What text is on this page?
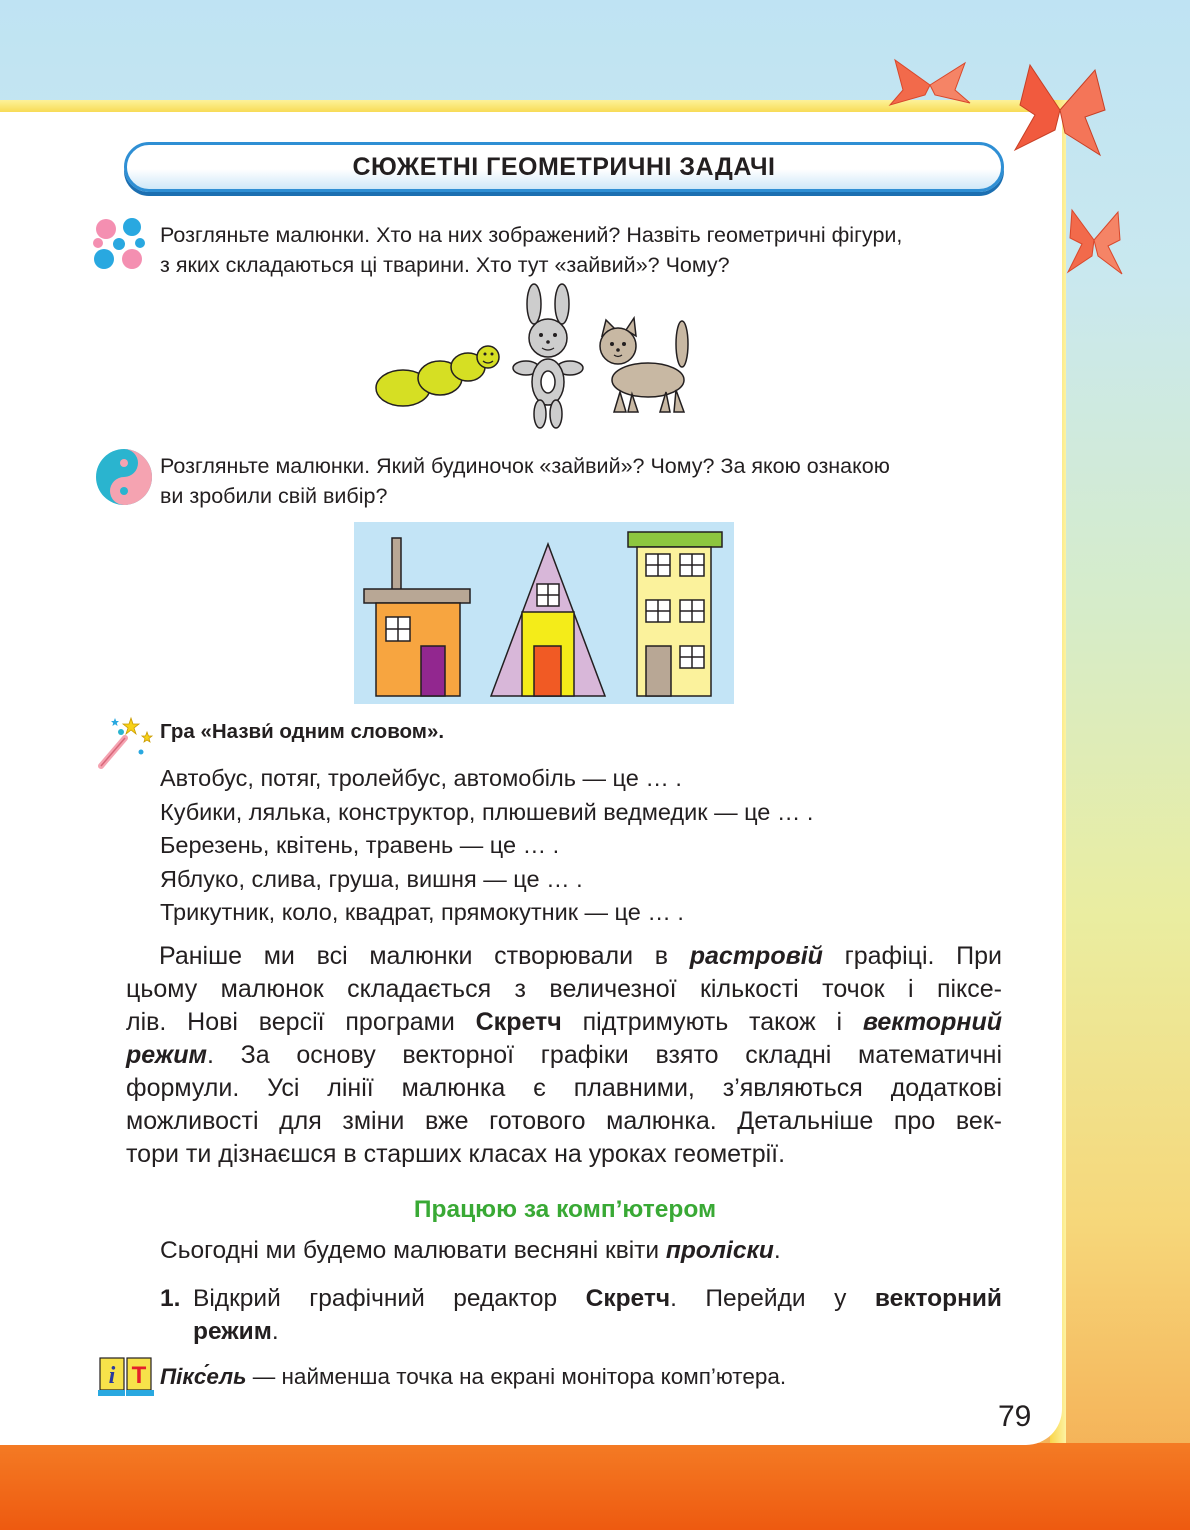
СЮЖЕТНІ ГЕОМЕТРИЧНІ ЗАДАЧІ
Розгляньте малюнки. Хто на них зображений? Назвіть геометричні фігури,
з яких складаються ці тварини. Хто тут «зайвий»? Чому?
Розгляньте малюнки. Який будиночок «зайвий»? Чому? За якою ознакою
ви зробили свій вибір?
Гра «Назви́ одним словом».
Автобус, потяг, тролейбус, автомобіль — це … .
Кубики, лялька, конструктор, плюшевий ведмедик — це … .
Березень, квітень, травень — це … .
Яблуко, слива, груша, вишня — це … .
Трикутник, коло, квадрат, прямокутник — це … .
Раніше ми всі малюнки створювали в растровій графіці. При
цьому малюнок складається з величезної кількості точок і піксе-
лів. Нові версії програми Скретч підтримують також і векторний
режим. За основу векторної графіки взято складні математичні
формули. Усі лінії малюнка є плавними, з’являються додаткові
можливості для зміни вже готового малюнка. Детальніше про век-
тори ти дізнаєшся в старших класах на уроках геометрії.
Працюю за комп’ютером
Сьогодні ми будемо малювати весняні квіти проліски.
1. Відкрий графічний редактор Скретч. Перейди у векторний
режим.
i T Пікс́ель — найменша точка на екрані монітора комп’ютера.
79
